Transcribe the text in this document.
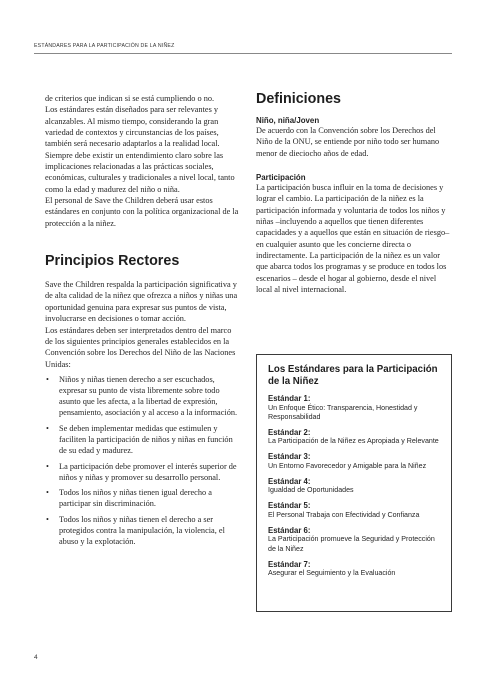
ESTÁNDARES PARA LA PARTICIPACIÓN DE LA NIÑEZ

de criterios que indican si se está cumpliendo o no.

Los estándares están diseñados para ser relevantes y alcanzables. Al mismo tiempo, considerando la gran variedad de contextos y circunstancias de los países, también será necesario adaptarlos a la realidad local. Siempre debe existir un entendimiento claro sobre las implicaciones relacionadas a las prácticas sociales, económicas, culturales y tradicionales a nivel local, tanto como la edad y madurez del niño o niña.

El personal de Save the Children deberá usar estos estándares en conjunto con la política organizacional de la protección a la niñez.

Principios Rectores

Save the Children respalda la participación significativa y de alta calidad de la niñez que ofrezca a niños y niñas una oportunidad genuina para expresar sus puntos de vista, involucrarse en decisiones o tomar acción.

Los estándares deben ser interpretados dentro del marco de los siguientes principios generales establecidos en la Convención sobre los Derechos del Niño de las Naciones Unidas:

• Niños y niñas tienen derecho a ser escuchados, expresar su punto de vista libremente sobre todo asunto que les afecta, a la libertad de expresión, pensamiento, asociación y al acceso a la información.
• Se deben implementar medidas que estimulen y faciliten la participación de niños y niñas en función de su edad y madurez.
• La participación debe promover el interés superior de niños y niñas y promover su desarrollo personal.
• Todos los niños y niñas tienen igual derecho a participar sin discriminación.
• Todos los niños y niñas tienen el derecho a ser protegidos contra la manipulación, la violencia, el abuso y la explotación.
Definiciones

Niño, niña/Joven

De acuerdo con la Convención sobre los Derechos del Niño de la ONU, se entiende por niño todo ser humano menor de dieciocho años de edad.

Participación

La participación busca influir en la toma de decisiones y lograr el cambio. La participación de la niñez es la participación informada y voluntaria de todos los niños y niñas –incluyendo a aquellos que tienen diferentes capacidades y a aquellos que están en situación de riesgo– en cualquier asunto que les concierne directa o indirectamente. La participación de la niñez es un valor que abarca todos los programas y se produce en todos los escenarios – desde el hogar al gobierno, desde el nivel local al nivel internacional.

Los Estándares para la Participación de la Niñez

Estándar 1:
Un Enfoque Ético: Transparencia, Honestidad y Responsabilidad
Estándar 2:
La Participación de la Niñez es Apropiada y Relevante
Estándar 3:
Un Entorno Favorecedor y Amigable para la Niñez
Estándar 4:
Igualdad de Oportunidades
Estándar 5:
El Personal Trabaja con Efectividad y Confianza
Estándar 6:
La Participación promueve la Seguridad y Protección de la Niñez
Estándar 7:
Asegurar el Seguimiento y la Evaluación
4
